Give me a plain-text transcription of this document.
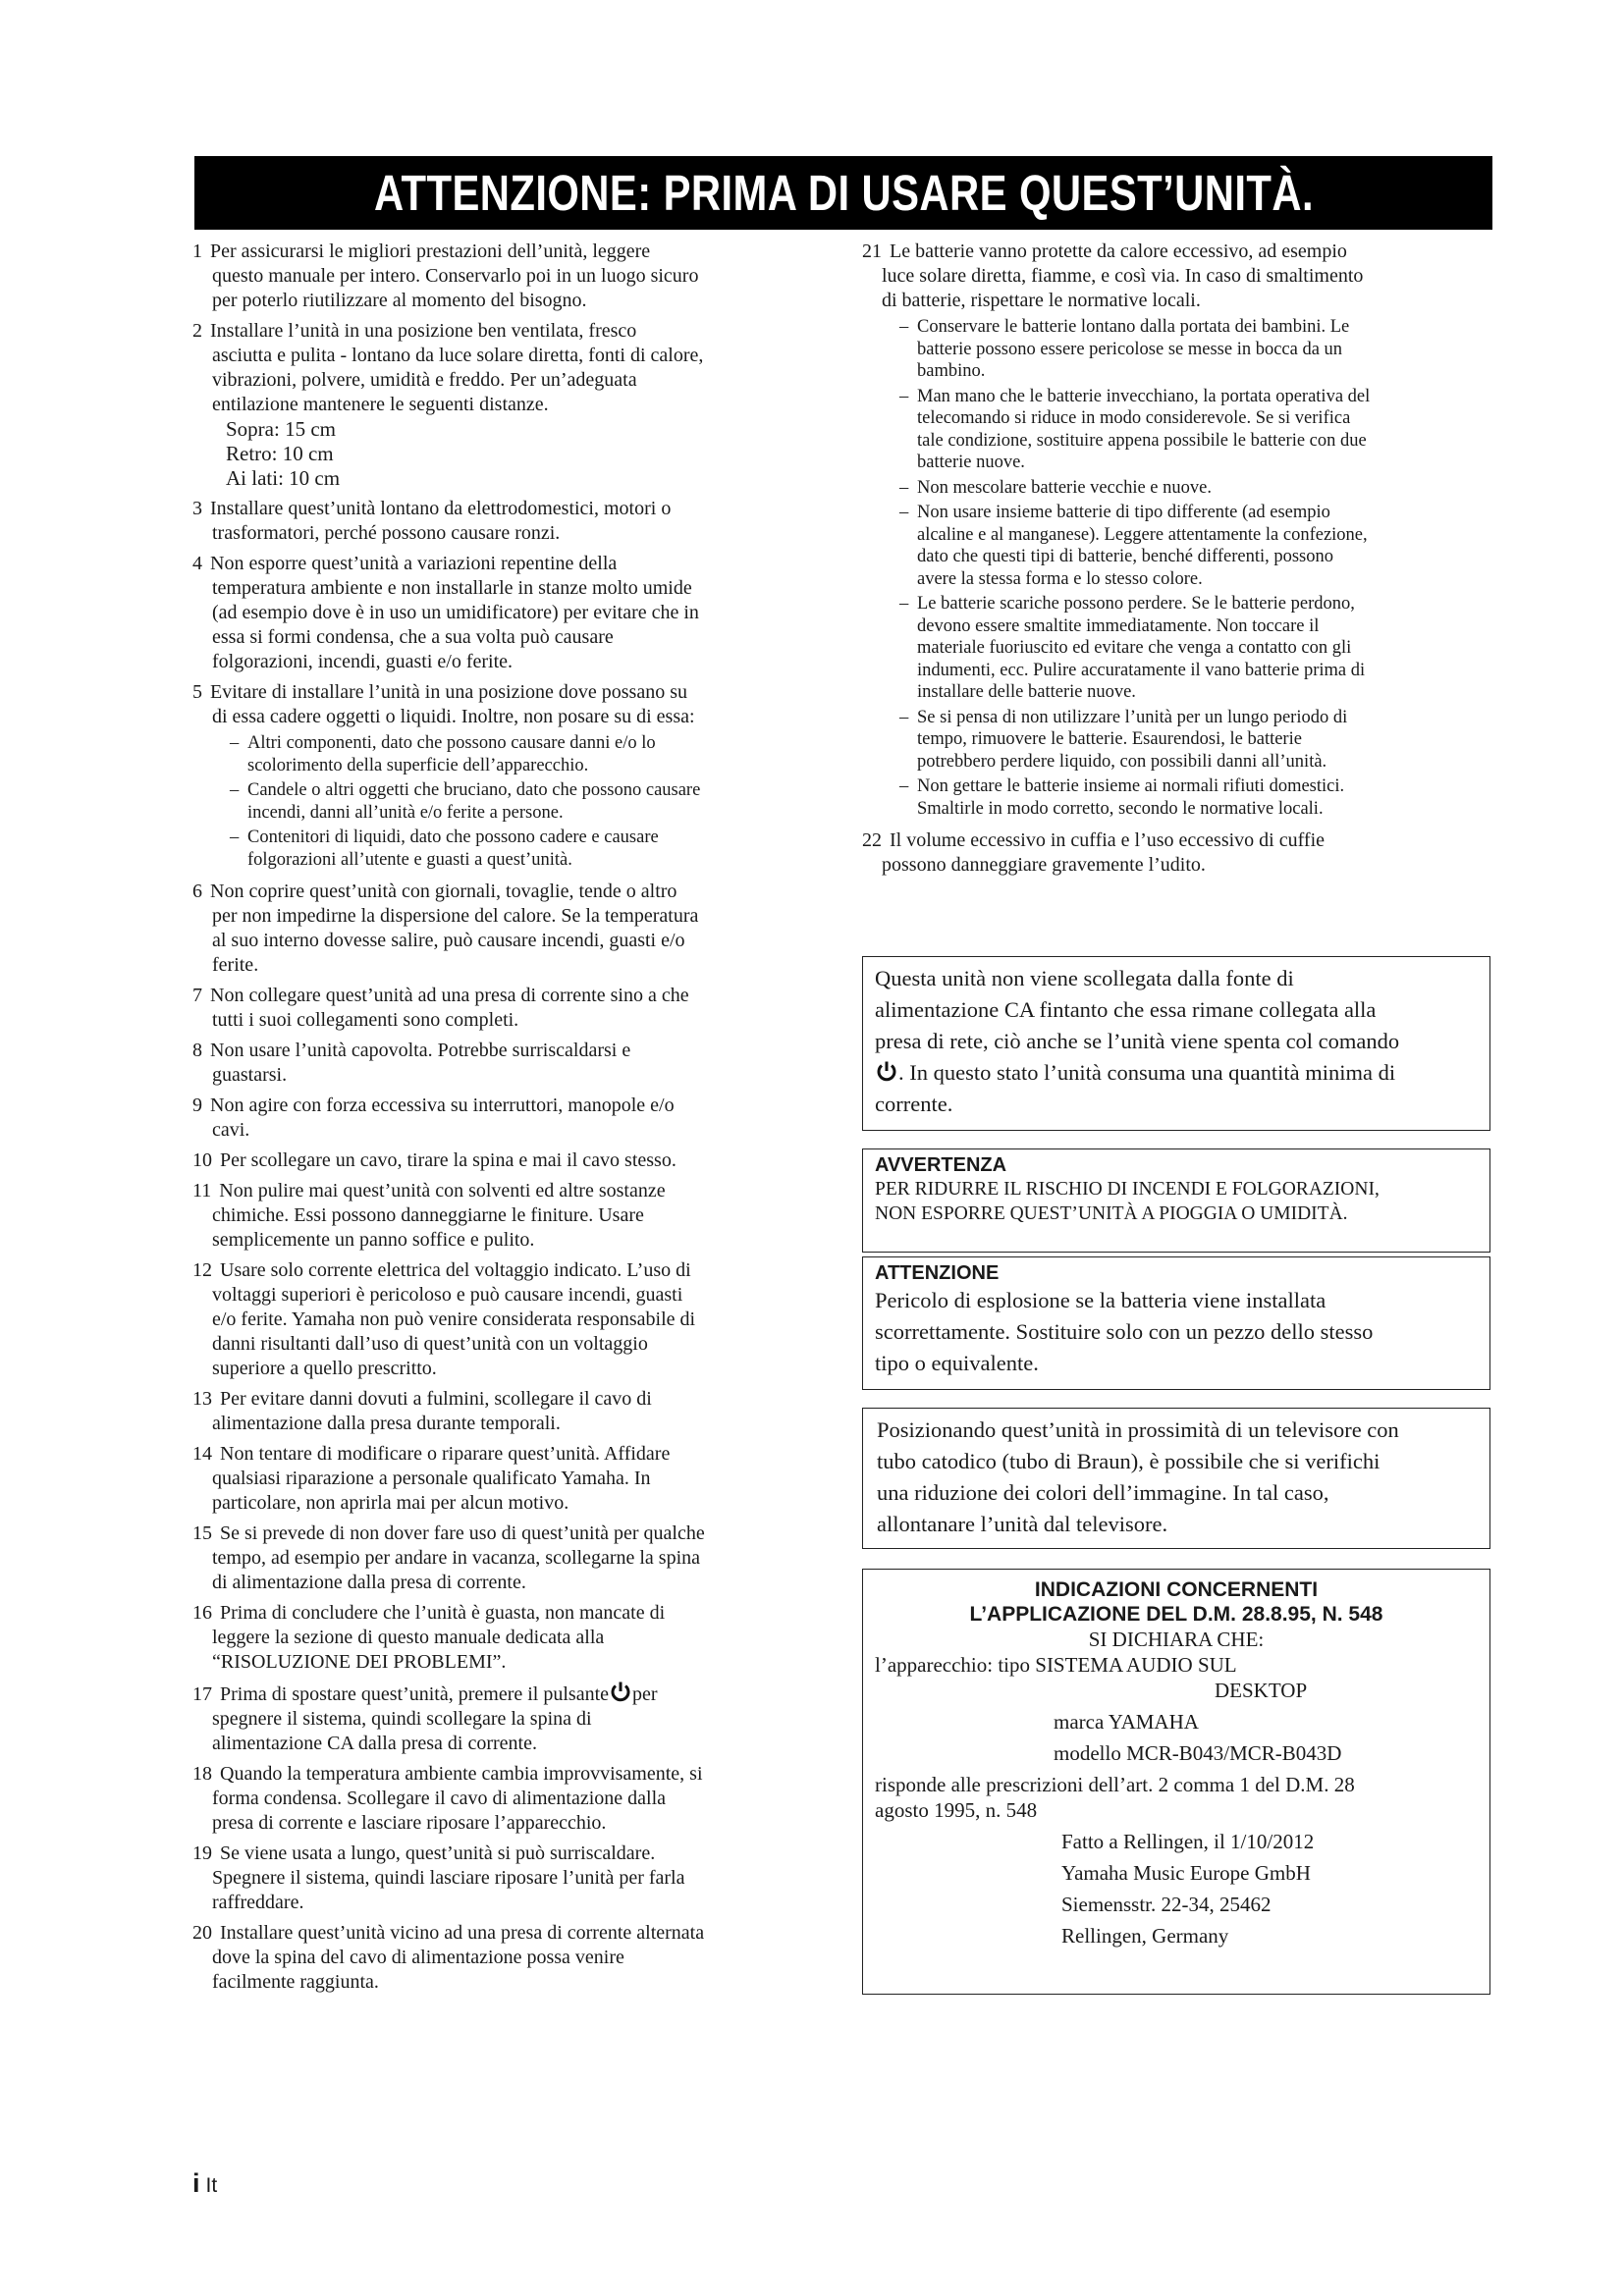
ATTENZIONE: PRIMA DI USARE QUEST’UNITÀ.
1 Per assicurarsi le migliori prestazioni dell’unità, leggere
questo manuale per intero. Conservarlo poi in un luogo sicuro
per poterlo riutilizzare al momento del bisogno.
2 Installare l’unità in una posizione ben ventilata, fresco
asciutta e pulita - lontano da luce solare diretta, fonti di calore,
vibrazioni, polvere, umidità e freddo. Per un’adeguata
entilazione mantenere le seguenti distanze.
Sopra: 15 cm
Retro: 10 cm
Ai lati: 10 cm
3 Installare quest’unità lontano da elettrodomestici, motori o
trasformatori, perché possono causare ronzi.
4 Non esporre quest’unità a variazioni repentine della
temperatura ambiente e non installarle in stanze molto umide
(ad esempio dove è in uso un umidificatore) per evitare che in
essa si formi condensa, che a sua volta può causare
folgorazioni, incendi, guasti e/o ferite.
5 Evitare di installare l’unità in una posizione dove possano su
di essa cadere oggetti o liquidi. Inoltre, non posare su di essa:
– Altri componenti, dato che possono causare danni e/o lo
scolorimento della superficie dell’apparecchio.
– Candele o altri oggetti che bruciano, dato che possono causare
incendi, danni all’unità e/o ferite a persone.
– Contenitori di liquidi, dato che possono cadere e causare
folgorazioni all’utente e guasti a quest’unità.
6 Non coprire quest’unità con giornali, tovaglie, tende o altro
per non impedirne la dispersione del calore. Se la temperatura
al suo interno dovesse salire, può causare incendi, guasti e/o
ferite.
7 Non collegare quest’unità ad una presa di corrente sino a che
tutti i suoi collegamenti sono completi.
8 Non usare l’unità capovolta. Potrebbe surriscaldarsi e
guastarsi.
9 Non agire con forza eccessiva su interruttori, manopole e/o
cavi.
10 Per scollegare un cavo, tirare la spina e mai il cavo stesso.
11 Non pulire mai quest’unità con solventi ed altre sostanze
chimiche. Essi possono danneggiarne le finiture. Usare
semplicemente un panno soffice e pulito.
12 Usare solo corrente elettrica del voltaggio indicato. L’uso di
voltaggi superiori è pericoloso e può causare incendi, guasti
e/o ferite. Yamaha non può venire considerata responsabile di
danni risultanti dall’uso di quest’unità con un voltaggio
superiore a quello prescritto.
13 Per evitare danni dovuti a fulmini, scollegare il cavo di
alimentazione dalla presa durante temporali.
14 Non tentare di modificare o riparare quest’unità. Affidare
qualsiasi riparazione a personale qualificato Yamaha. In
particolare, non aprirla mai per alcun motivo.
15 Se si prevede di non dover fare uso di quest’unità per qualche
tempo, ad esempio per andare in vacanza, scollegarne la spina
di alimentazione dalla presa di corrente.
16 Prima di concludere che l’unità è guasta, non mancate di
leggere la sezione di questo manuale dedicata alla
“RISOLUZIONE DEI PROBLEMI”.
17 Prima di spostare quest’unità, premere il pulsante per
spegnere il sistema, quindi scollegare la spina di
alimentazione CA dalla presa di corrente.
18 Quando la temperatura ambiente cambia improvvisamente, si
forma condensa. Scollegare il cavo di alimentazione dalla
presa di corrente e lasciare riposare l’apparecchio.
19 Se viene usata a lungo, quest’unità si può surriscaldare.
Spegnere il sistema, quindi lasciare riposare l’unità per farla
raffreddare.
20 Installare quest’unità vicino ad una presa di corrente alternata
dove la spina del cavo di alimentazione possa venire
facilmente raggiunta.
21 Le batterie vanno protette da calore eccessivo, ad esempio
luce solare diretta, fiamme, e così via. In caso di smaltimento
di batterie, rispettare le normative locali.
– Conservare le batterie lontano dalla portata dei bambini. Le
batterie possono essere pericolose se messe in bocca da un
bambino.
– Man mano che le batterie invecchiano, la portata operativa del
telecomando si riduce in modo considerevole. Se si verifica
tale condizione, sostituire appena possibile le batterie con due
batterie nuove.
– Non mescolare batterie vecchie e nuove.
– Non usare insieme batterie di tipo differente (ad esempio
alcaline e al manganese). Leggere attentamente la confezione,
dato che questi tipi di batterie, benché differenti, possono
avere la stessa forma e lo stesso colore.
– Le batterie scariche possono perdere. Se le batterie perdono,
devono essere smaltite immediatamente. Non toccare il
materiale fuoriuscito ed evitare che venga a contatto con gli
indumenti, ecc. Pulire accuratamente il vano batterie prima di
installare delle batterie nuove.
– Se si pensa di non utilizzare l’unità per un lungo periodo di
tempo, rimuovere le batterie. Esaurendosi, le batterie
potrebbero perdere liquido, con possibili danni all’unità.
– Non gettare le batterie insieme ai normali rifiuti domestici.
Smaltirle in modo corretto, secondo le normative locali.
22 Il volume eccessivo in cuffia e l’uso eccessivo di cuffie
possono danneggiare gravemente l’udito.
Questa unità non viene scollegata dalla fonte di
alimentazione CA fintanto che essa rimane collegata alla
presa di rete, ciò anche se l’unità viene spenta col comando
. In questo stato l’unità consuma una quantità minima di
corrente.
AVVERTENZA
PER RIDURRE IL RISCHIO DI INCENDI E FOLGORAZIONI,
NON ESPORRE QUEST’UNITÀ A PIOGGIA O UMIDITÀ.
ATTENZIONE
Pericolo di esplosione se la batteria viene installata
scorrettamente. Sostituire solo con un pezzo dello stesso
tipo o equivalente.
Posizionando quest’unità in prossimità di un televisore con
tubo catodico (tubo di Braun), è possibile che si verifichi
una riduzione dei colori dell’immagine. In tal caso,
allontanare l’unità dal televisore.
INDICAZIONI CONCERNENTI
L’APPLICAZIONE DEL D.M. 28.8.95, N. 548
SI DICHIARA CHE:
l’apparecchio: tipo SISTEMA AUDIO SUL
DESKTOP
marca YAMAHA
modello MCR-B043/MCR-B043D
risponde alle prescrizioni dell’art. 2 comma 1 del D.M. 28
agosto 1995, n. 548
Fatto a Rellingen, il 1/10/2012
Yamaha Music Europe GmbH
Siemensstr. 22-34, 25462
Rellingen, Germany
i It
